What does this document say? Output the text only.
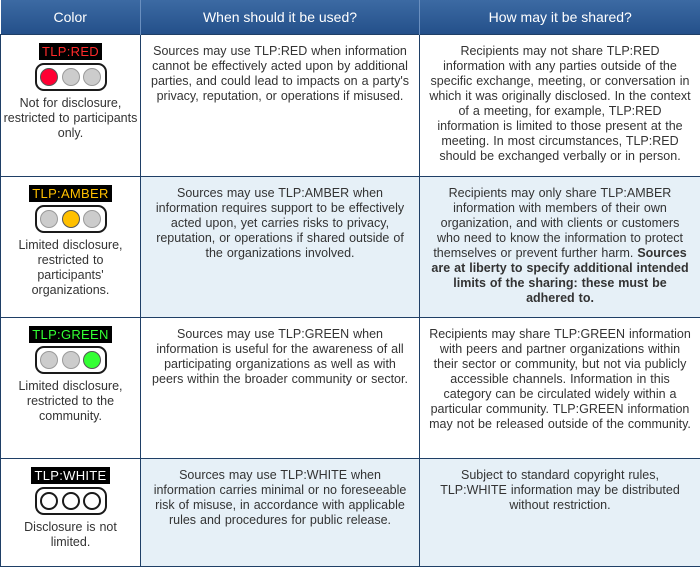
Color	When should it be used?	How may it be shared?
TLP:RED
Not for disclosure, restricted to participants only.	Sources may use TLP:RED when information cannot be effectively acted upon by additional parties, and could lead to impacts on a party's privacy, reputation, or operations if misused.	Recipients may not share TLP:RED information with any parties outside of the specific exchange, meeting, or conversation in which it was originally disclosed. In the context of a meeting, for example, TLP:RED information is limited to those present at the meeting. In most circumstances, TLP:RED should be exchanged verbally or in person.
TLP:AMBER
Limited disclosure, restricted to participants' organizations.	Sources may use TLP:AMBER when information requires support to be effectively acted upon, yet carries risks to privacy, reputation, or operations if shared outside of the organizations involved.	Recipients may only share TLP:AMBER information with members of their own organization, and with clients or customers who need to know the information to protect themselves or prevent further harm. Sources are at liberty to specify additional intended limits of the sharing: these must be adhered to.
TLP:GREEN
Limited disclosure, restricted to the community.	Sources may use TLP:GREEN when information is useful for the awareness of all participating organizations as well as with peers within the broader community or sector.	Recipients may share TLP:GREEN information with peers and partner organizations within their sector or community, but not via publicly accessible channels. Information in this category can be circulated widely within a particular community. TLP:GREEN information may not be released outside of the community.
TLP:WHITE
Disclosure is not limited.	Sources may use TLP:WHITE when information carries minimal or no foreseeable risk of misuse, in accordance with applicable rules and procedures for public release.	Subject to standard copyright rules, TLP:WHITE information may be distributed without restriction.
